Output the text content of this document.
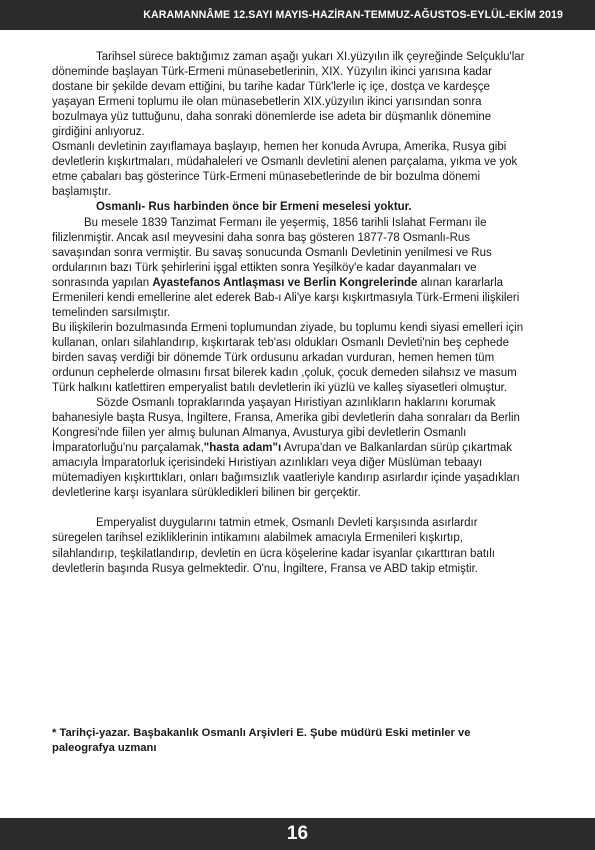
KARAMANNÂME 12.SAYI MAYIS-HAZİRAN-TEMMUZ-AĞUSTOS-EYLÜL-EKİM 2019

Tarihsel sürece baktığımız zaman aşağı yukarı XI.yüzyılın ilk çeyreğinde Selçuklu'lar döneminde başlayan Türk-Ermeni münasebetlerinin, XIX. Yüzyılın ikinci yarısına kadar dostane bir şekilde devam ettiğini, bu tarihe kadar Türk'lerle iç içe, dostça ve kardeşçe yaşayan Ermeni toplumu ile olan münasebetlerin XIX.yüzyılın ikinci yarısından sonra bozulmaya yüz tuttuğunu, daha sonraki dönemlerde ise adeta bir düşmanlık dönemine girdiğini anlıyoruz.

Osmanlı devletinin zayıflamaya başlayıp, hemen her konuda Avrupa, Amerika, Rusya gibi devletlerin kışkırtmaları, müdahaleleri ve Osmanlı devletini alenen parçalama, yıkma ve yok etme çabaları baş gösterince Türk-Ermeni münasebetlerinde de bir bozulma dönemi başlamıştır.

Osmanlı- Rus harbinden önce bir Ermeni meselesi yoktur.

Bu mesele 1839 Tanzimat Fermanı ile yeşermiş, 1856 tarihli Islahat Fermanı ile filizlenmiştir. Ancak asıl meyvesini daha sonra baş gösteren 1877-78 Osmanlı-Rus savaşından sonra vermiştir. Bu savaş sonucunda Osmanlı Devletinin yenilmesi ve Rus ordularının bazı Türk şehirlerini işgal ettikten sonra Yeşilköy'e kadar dayanmaları ve sonrasında yapılan Ayastefanos Antlaşması ve Berlin Kongrelerinde alınan kararlarla Ermenileri kendi emellerine alet ederek Bab-ı Ali'ye karşı kışkırtmasıyla Türk-Ermeni ilişkileri temelinden sarsılmıştır.

Bu ilişkilerin bozulmasında Ermeni toplumundan ziyade, bu toplumu kendi siyasi emelleri için kullanan, onları silahlandırıp, kışkırtarak teb'ası oldukları Osmanlı Devleti'nin beş cephede birden savaş verdiği bir dönemde Türk ordusunu arkadan vurduran, hemen hemen tüm ordunun cephelerde olmasını fırsat bilerek kadın ,çoluk, çocuk demeden silahsız ve masum Türk halkını katlettiren emperyalist batılı devletlerin iki yüzlü ve kalleş siyasetleri olmuştur.

Sözde Osmanlı topraklarında yaşayan Hıristiyan azınlıkların haklarını korumak bahanesiyle başta Rusya, İngiltere, Fransa, Amerika gibi devletlerin daha sonraları da Berlin Kongresi'nde fiilen yer almış bulunan Almanya, Avusturya gibi devletlerin Osmanlı İmparatorluğu'nu parçalamak,"hasta adam"ı Avrupa'dan ve Balkanlardan sürüp çıkartmak amacıyla İmparatorluk içerisindeki Hıristiyan azınlıkları veya diğer Müslüman tebaayı mütemadiyen kışkırttıkları, onları bağımsızlık vaatleriyle kandırıp asırlardır içinde yaşadıkları devletlerine karşı isyanlara sürükledikleri bilinen bir gerçektir.

Emperyalist duygularını tatmin etmek, Osmanlı Devleti karşısında asırlardır süregelen tarihsel ezikliklerinin intikamını alabilmek amacıyla Ermenileri kışkırtıp, silahlandırıp, teşkilatlandırıp, devletin en ücra köşelerine kadar isyanlar çıkarttıran batılı devletlerin başında Rusya gelmektedir. O'nu, İngiltere, Fransa ve ABD takip etmiştir.

* Tarihçi-yazar. Başbakanlık Osmanlı Arşivleri E. Şube müdürü Eski metinler ve paleografya uzmanı
16
